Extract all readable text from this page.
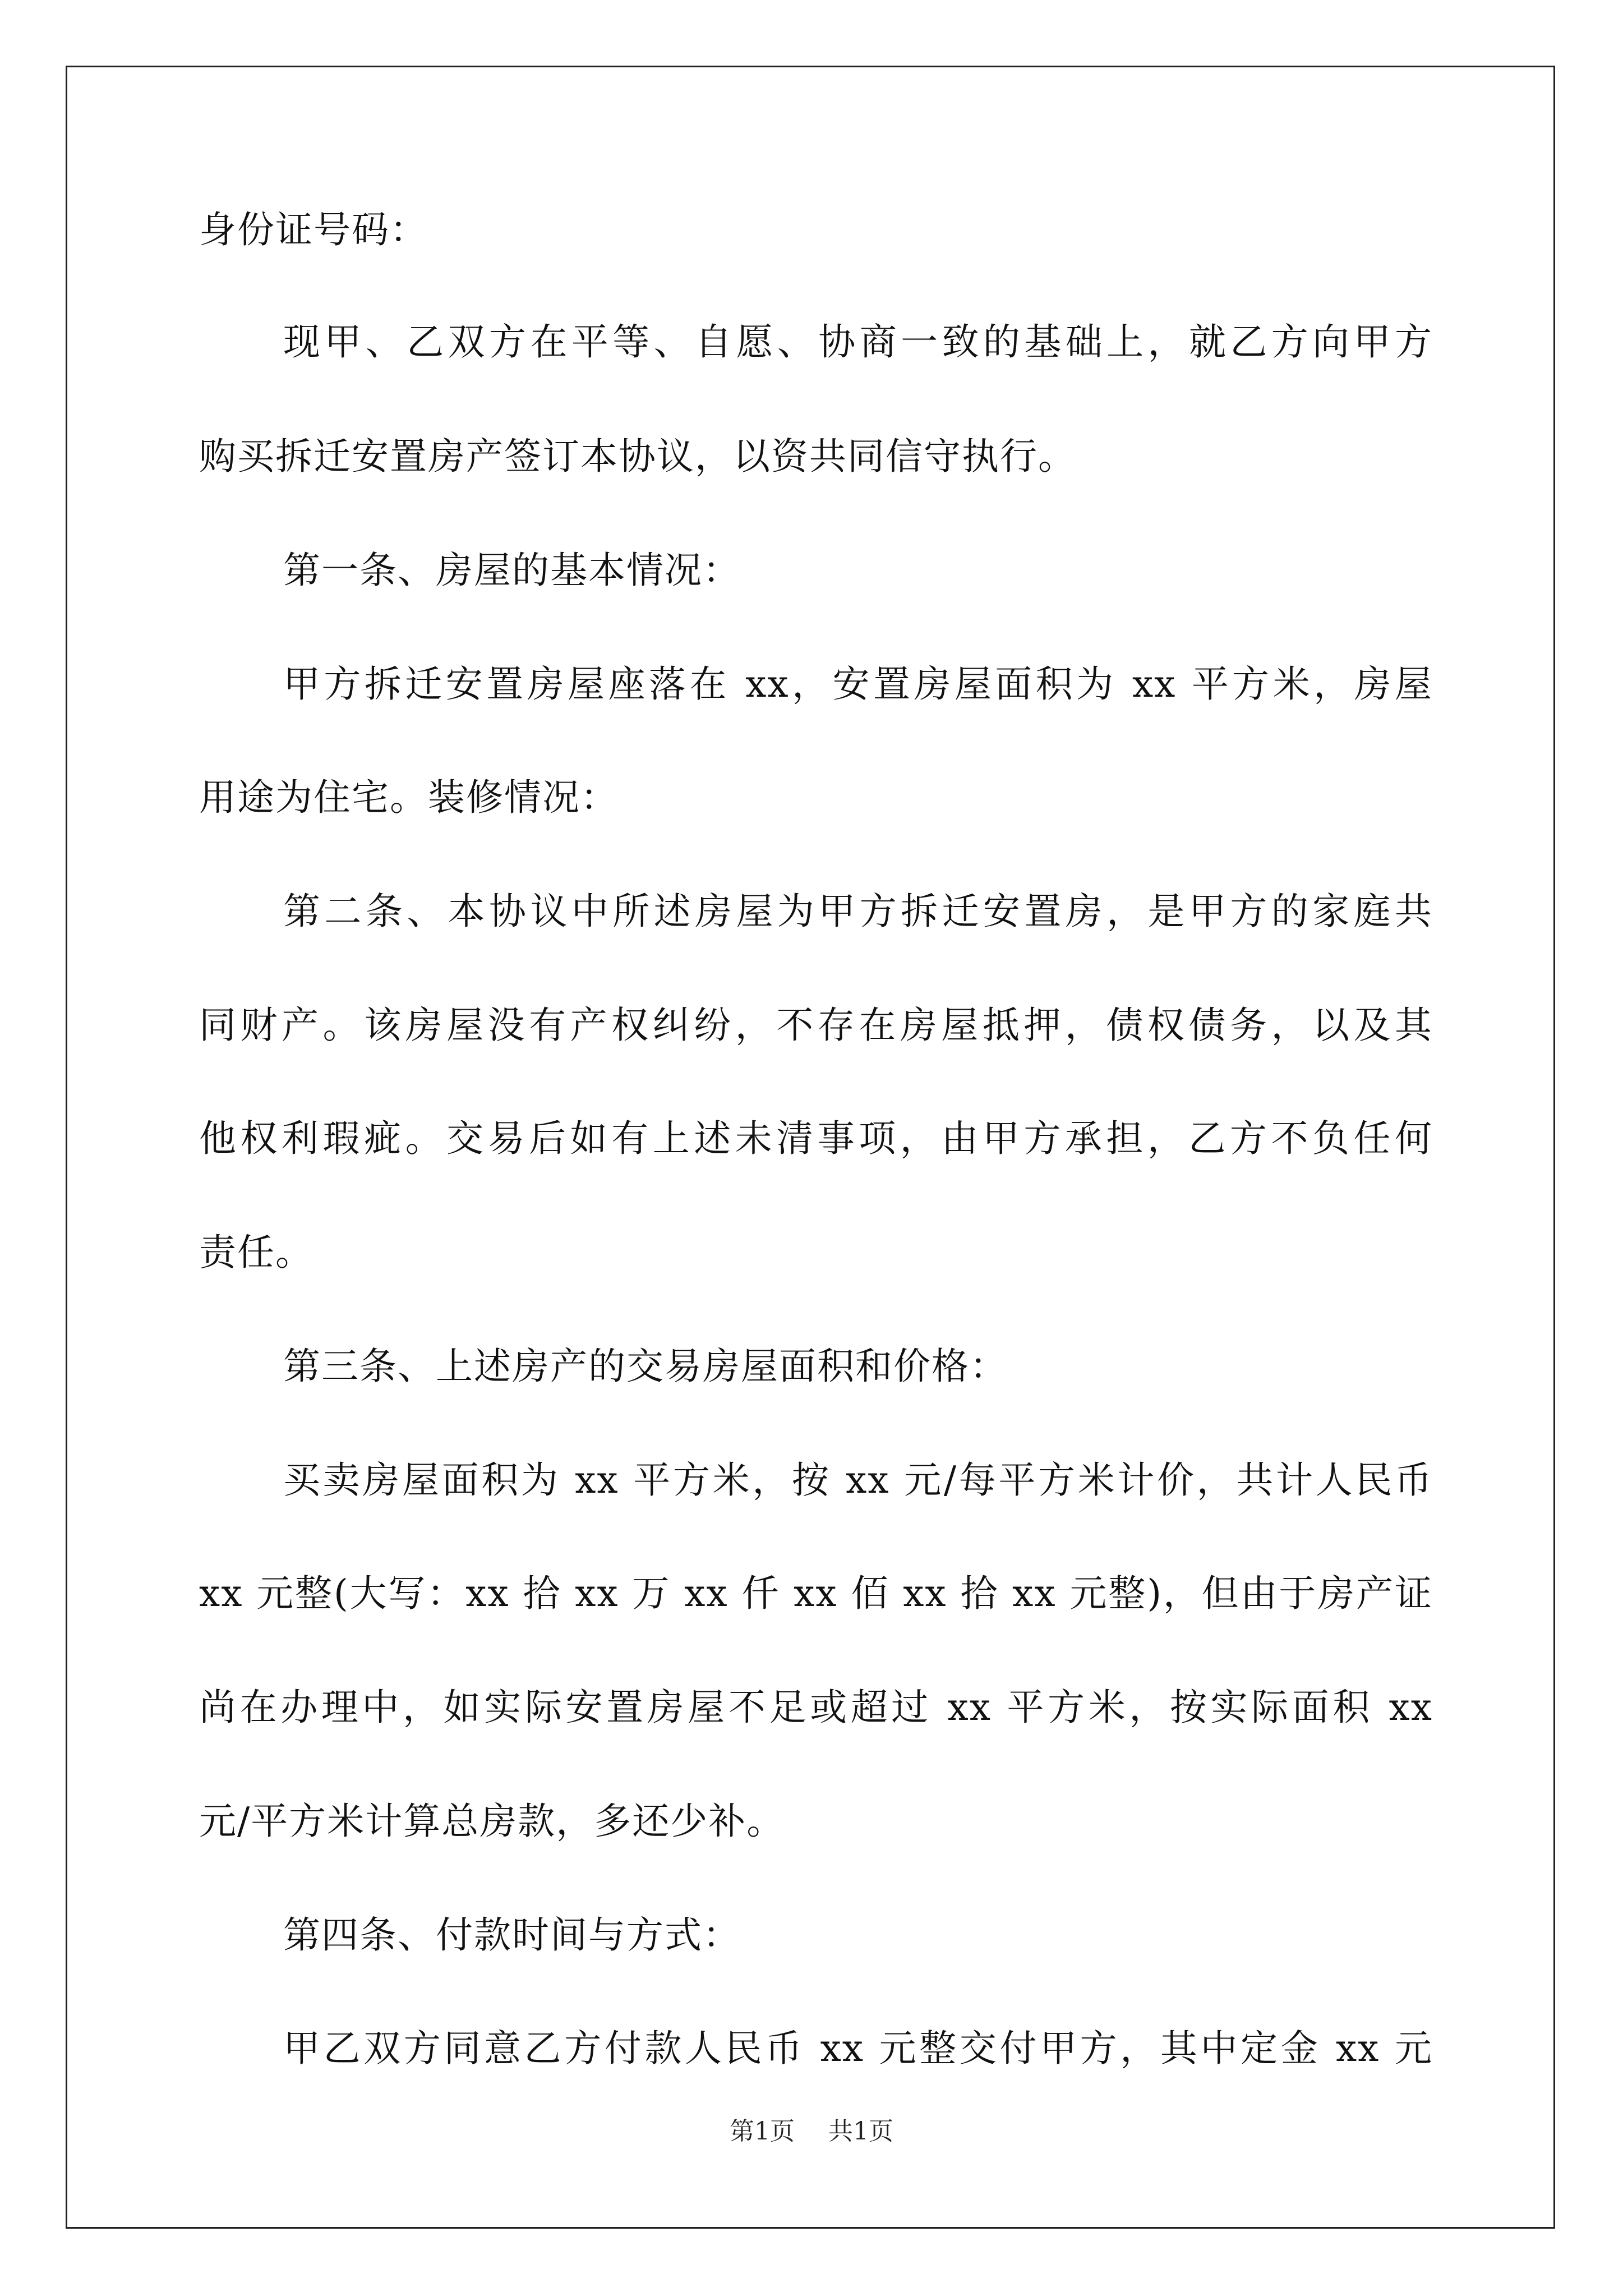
身份证号码：
现甲、乙双方在平等、自愿、协商一致的基础上，就乙方向甲方
购买拆迁安置房产签订本协议，以资共同信守执行。
第一条、房屋的基本情况：
甲方拆迁安置房屋座落在 xx，安置房屋面积为 xx 平方米，房屋
用途为住宅。装修情况：
第二条、本协议中所述房屋为甲方拆迁安置房，是甲方的家庭共
同财产。该房屋没有产权纠纷，不存在房屋抵押，债权债务，以及其
他权利瑕疵。交易后如有上述未清事项，由甲方承担，乙方不负任何
责任。
第三条、上述房产的交易房屋面积和价格：
买卖房屋面积为 xx 平方米，按 xx 元/每平方米计价，共计人民币
xx 元整(大写：xx 拾 xx 万 xx 仟 xx 佰 xx 拾 xx 元整)，但由于房产证
尚在办理中，如实际安置房屋不足或超过 xx 平方米，按实际面积 xx
元/平方米计算总房款，多还少补。
第四条、付款时间与方式：
甲乙双方同意乙方付款人民币 xx 元整交付甲方，其中定金 xx 元
第1页 共1页
